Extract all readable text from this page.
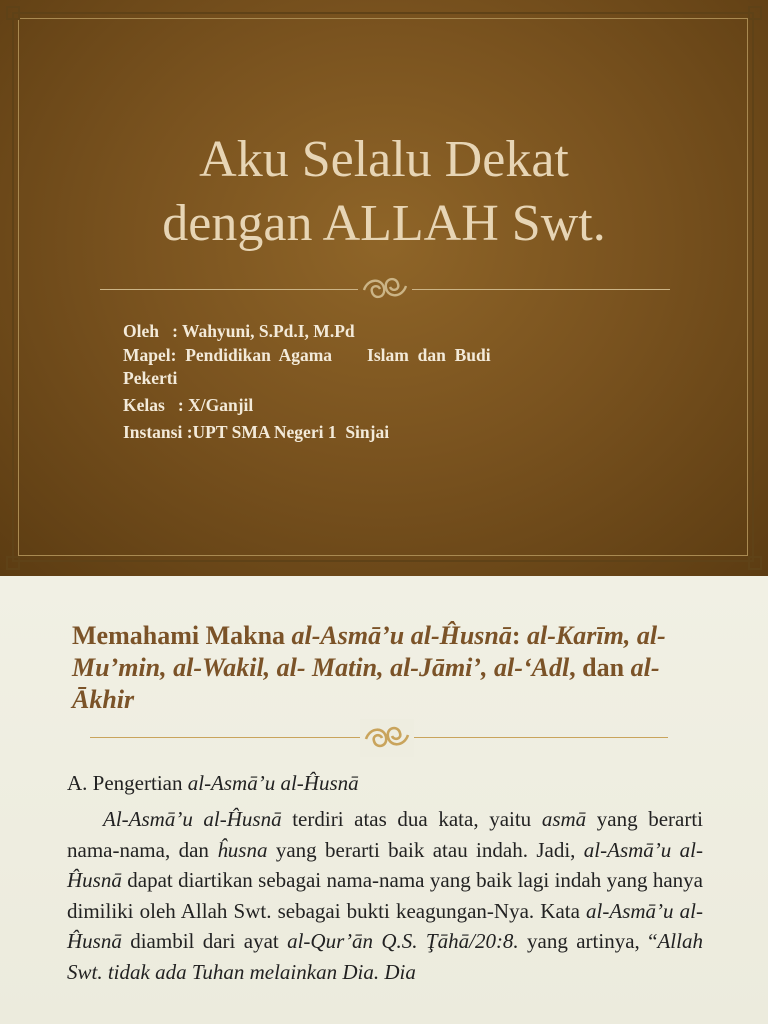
Aku Selalu Dekat
dengan ALLAH Swt.
Oleh   : Wahyuni, S.Pd.I, M.Pd
Mapel:  Pendidikan  Agama        Islam  dan  Budi
Pekerti
Kelas   : X/Ganjil
Instansi :UPT SMA Negeri 1  Sinjai
Memahami Makna al-Asmā’u al-Ĥusnā: al-Karīm, al-Mu’min, al-Wakil, al- Matin, al-Jāmi’, al-‘Adl, dan al-Ākhir
A. Pengertian al-Asmā’u al-Ĥusnā

Al-Asmā’u al-Ĥusnā terdiri atas dua kata, yaitu asmā yang berarti nama-nama, dan ĥusna yang berarti baik atau indah. Jadi, al-Asmā’u al- Ĥusnā dapat diartikan sebagai nama-nama yang baik lagi indah yang hanya dimiliki oleh Allah Swt. sebagai bukti keagungan-Nya. Kata al-Asmā’u al-Ĥusnā diambil dari ayat al-Qur’ān Q.S. Ţāhā/20:8. yang artinya, “Allah Swt. tidak ada Tuhan melainkan Dia. Dia
